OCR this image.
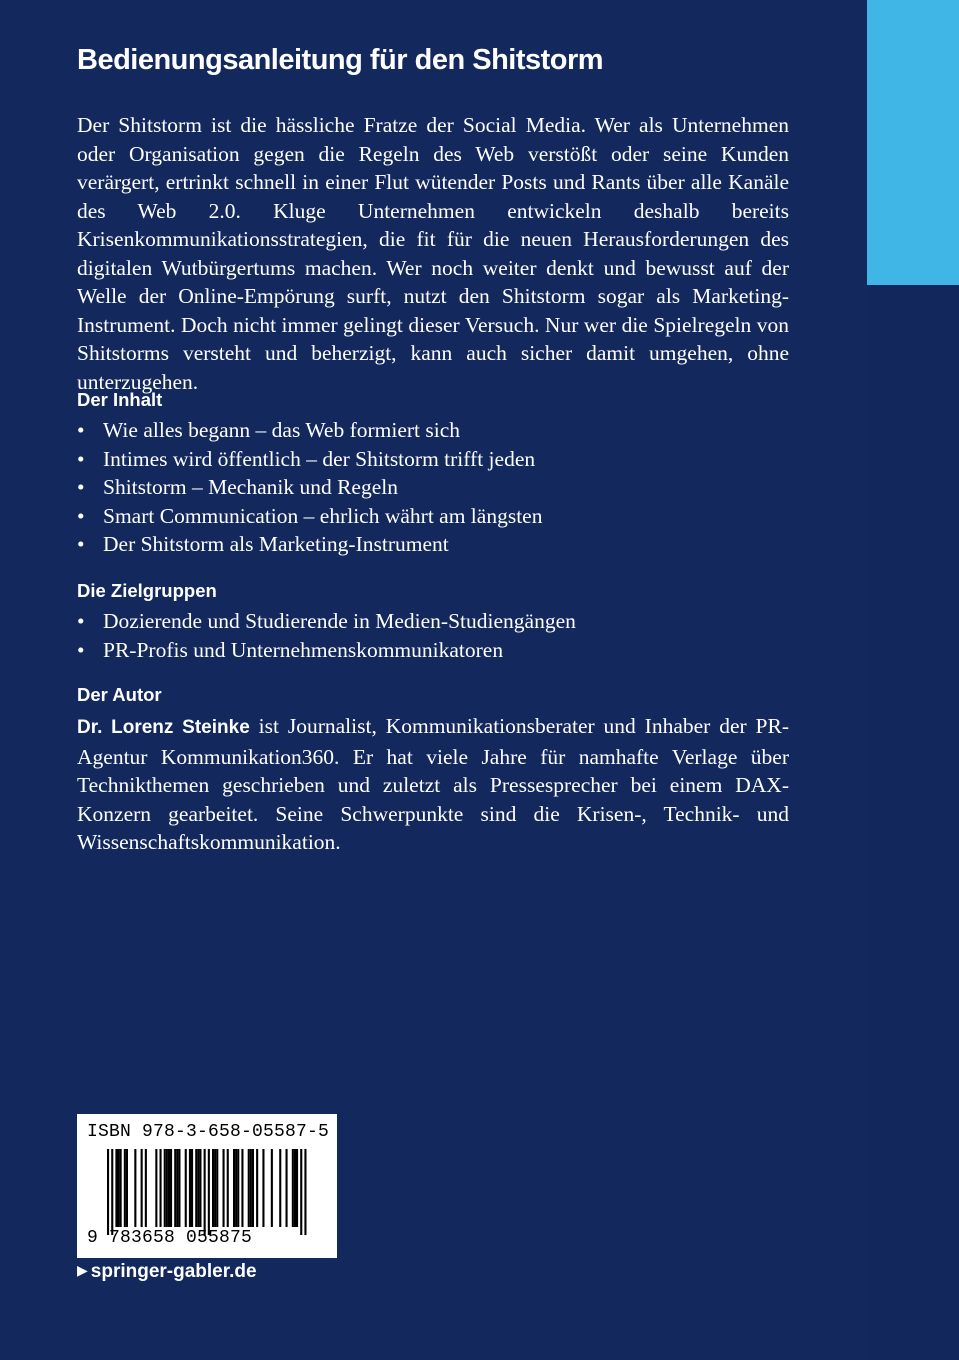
Bedienungsanleitung für den Shitstorm

Der Shitstorm ist die hässliche Fratze der Social Media. Wer als Unternehmen oder Organisation gegen die Regeln des Web verstößt oder seine Kunden verärgert, ertrinkt schnell in einer Flut wütender Posts und Rants über alle Kanäle des Web 2.0. Kluge Unternehmen entwickeln deshalb bereits Krisenkommunikationsstrategien, die fit für die neuen Herausforderungen des digitalen Wutbürgertums machen. Wer noch weiter denkt und bewusst auf der Welle der Online-Empörung surft, nutzt den Shitstorm sogar als Marketing- Instrument. Doch nicht immer gelingt dieser Versuch. Nur wer die Spielregeln von Shitstorms versteht und beherzigt, kann auch sicher damit umgehen, ohne unterzugehen.

Der Inhalt
• Wie alles begann – das Web formiert sich
• Intimes wird öffentlich – der Shitstorm trifft jeden
• Shitstorm – Mechanik und Regeln
• Smart Communication – ehrlich währt am längsten
• Der Shitstorm als Marketing-Instrument
Die Zielgruppen
• Dozierende und Studierende in Medien-Studiengängen
• PR-Profis und Unternehmenskommunikatoren
Der Autor

Dr. Lorenz Steinke ist Journalist, Kommunikationsberater und Inhaber der PR-Agentur Kommunikation360. Er hat viele Jahre für namhafte Verlage über Technikthemen geschrieben und zuletzt als Pressesprecher bei einem DAX-Konzern gearbeitet. Seine Schwerpunkte sind die Krisen-, Technik- und Wissenschaftskommunikation.

ISBN 978-3-658-05587-5
9 783658 055875
▶ springer-gabler.de
